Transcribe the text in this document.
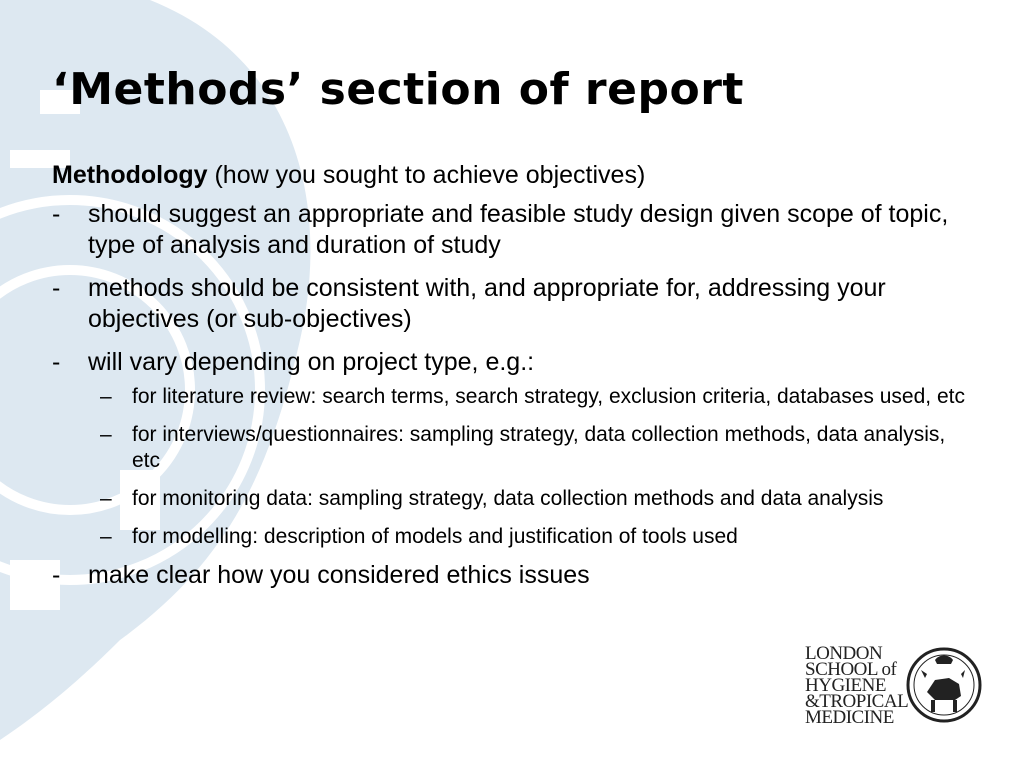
‘Methods’ section of report
Methodology (how you sought to achieve objectives)
-	should suggest an appropriate and feasible study design given scope of topic, type of analysis and duration of study
-	methods should be consistent with, and appropriate for, addressing your objectives (or sub-objectives)
-	will vary depending on project type, e.g.:
– for literature review: search terms, search strategy, exclusion criteria, databases used, etc
– for interviews/questionnaires: sampling strategy, data collection methods, data analysis, etc
– for monitoring data: sampling strategy, data collection methods and data analysis
– for modelling: description of models and justification of tools used
-	make clear how you considered ethics issues
LONDON
SCHOOL of
HYGIENE
&TROPICAL
MEDICINE
